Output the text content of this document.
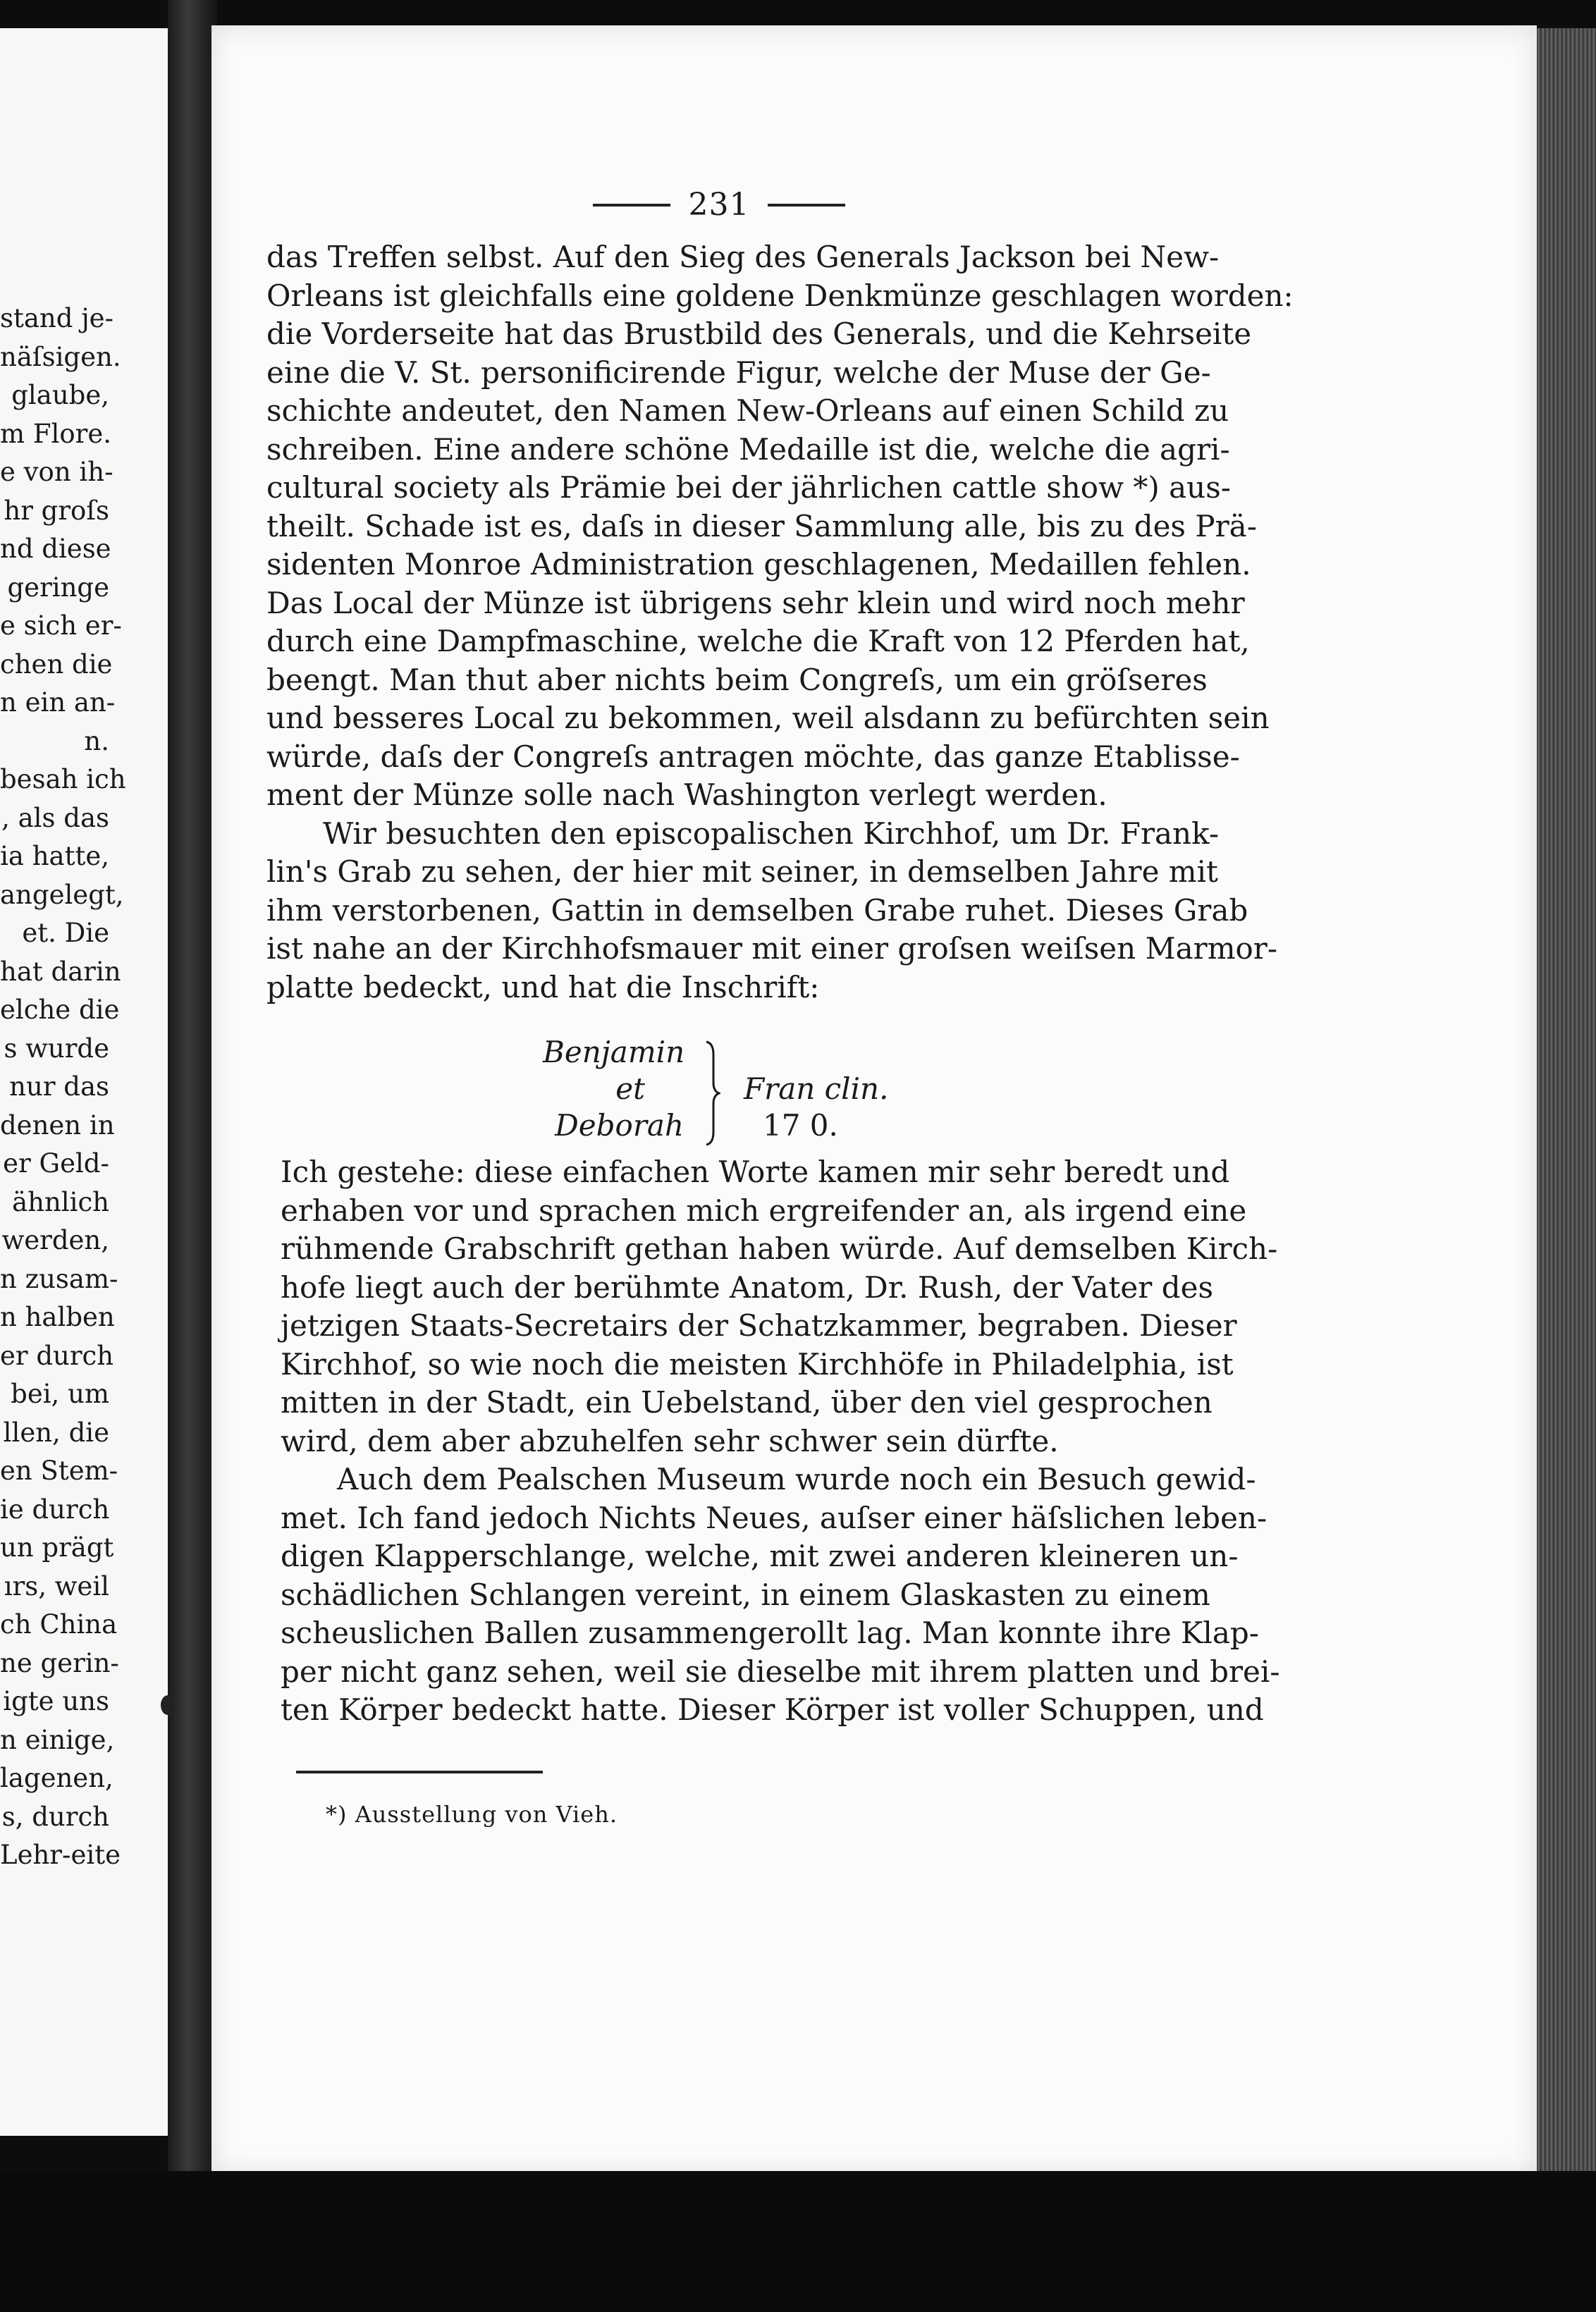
stand je-
näſsigen.
glaube,
m Flore.
e von ih-
hr groſs
nd diese
geringe
e sich er-
chen die
n ein an-
n.
besah ich
, als das
ia hatte,
angelegt,
et. Die
hat darin
elche die
s wurde
nur das
denen in
er Geld-
ähnlich
werden,
n zusam-
n halben
er durch
bei, um
llen, die
en Stem-
ie durch
un prägt
ırs, weil
ch China
ne gerin-
igte uns
n einige,
lagenen,
s, durch
Lehr-eite
231
das Treffen selbst. Auf den Sieg des Generals Jackson bei New-
Orleans ist gleichfalls eine goldene Denkmünze geschlagen worden:
die Vorderseite hat das Brustbild des Generals, und die Kehrseite
eine die V. St. personificirende Figur, welche der Muse der Ge-
schichte andeutet, den Namen New-Orleans auf einen Schild zu
schreiben. Eine andere schöne Medaille ist die, welche die agri-
cultural society als Prämie bei der jährlichen cattle show *) aus-
theilt. Schade ist es, daſs in dieser Sammlung alle, bis zu des Prä-
sidenten Monroe Administration geschlagenen, Medaillen fehlen.
Das Local der Münze ist übrigens sehr klein und wird noch mehr
durch eine Dampfmaschine, welche die Kraft von 12 Pferden hat,
beengt. Man thut aber nichts beim Congreſs, um ein gröſseres
und besseres Local zu bekommen, weil alsdann zu befürchten sein
würde, daſs der Congreſs antragen möchte, das ganze Etablisse-
ment der Münze solle nach Washington verlegt werden.
Wir besuchten den episcopalischen Kirchhof, um Dr. Frank-
lin's Grab zu sehen, der hier mit seiner, in demselben Jahre mit
ihm verstorbenen, Gattin in demselben Grabe ruhet. Dieses Grab
ist nahe an der Kirchhofsmauer mit einer groſsen weiſsen Marmor-
platte bedeckt, und hat die Inschrift:
Benjamin
et
Deborah
Fran clin.
17 0.
Ich gestehe: diese einfachen Worte kamen mir sehr beredt und
erhaben vor und sprachen mich ergreifender an, als irgend eine
rühmende Grabschrift gethan haben würde. Auf demselben Kirch-
hofe liegt auch der berühmte Anatom, Dr. Rush, der Vater des
jetzigen Staats-Secretairs der Schatzkammer, begraben. Dieser
Kirchhof, so wie noch die meisten Kirchhöfe in Philadelphia, ist
mitten in der Stadt, ein Uebelstand, über den viel gesprochen
wird, dem aber abzuhelfen sehr schwer sein dürfte.
Auch dem Pealschen Museum wurde noch ein Besuch gewid-
met. Ich fand jedoch Nichts Neues, auſser einer häſslichen leben-
digen Klapperschlange, welche, mit zwei anderen kleineren un-
schädlichen Schlangen vereint, in einem Glaskasten zu einem
scheuslichen Ballen zusammengerollt lag. Man konnte ihre Klap-
per nicht ganz sehen, weil sie dieselbe mit ihrem platten und brei-
ten Körper bedeckt hatte. Dieser Körper ist voller Schuppen, und
*) Ausstellung von Vieh.
